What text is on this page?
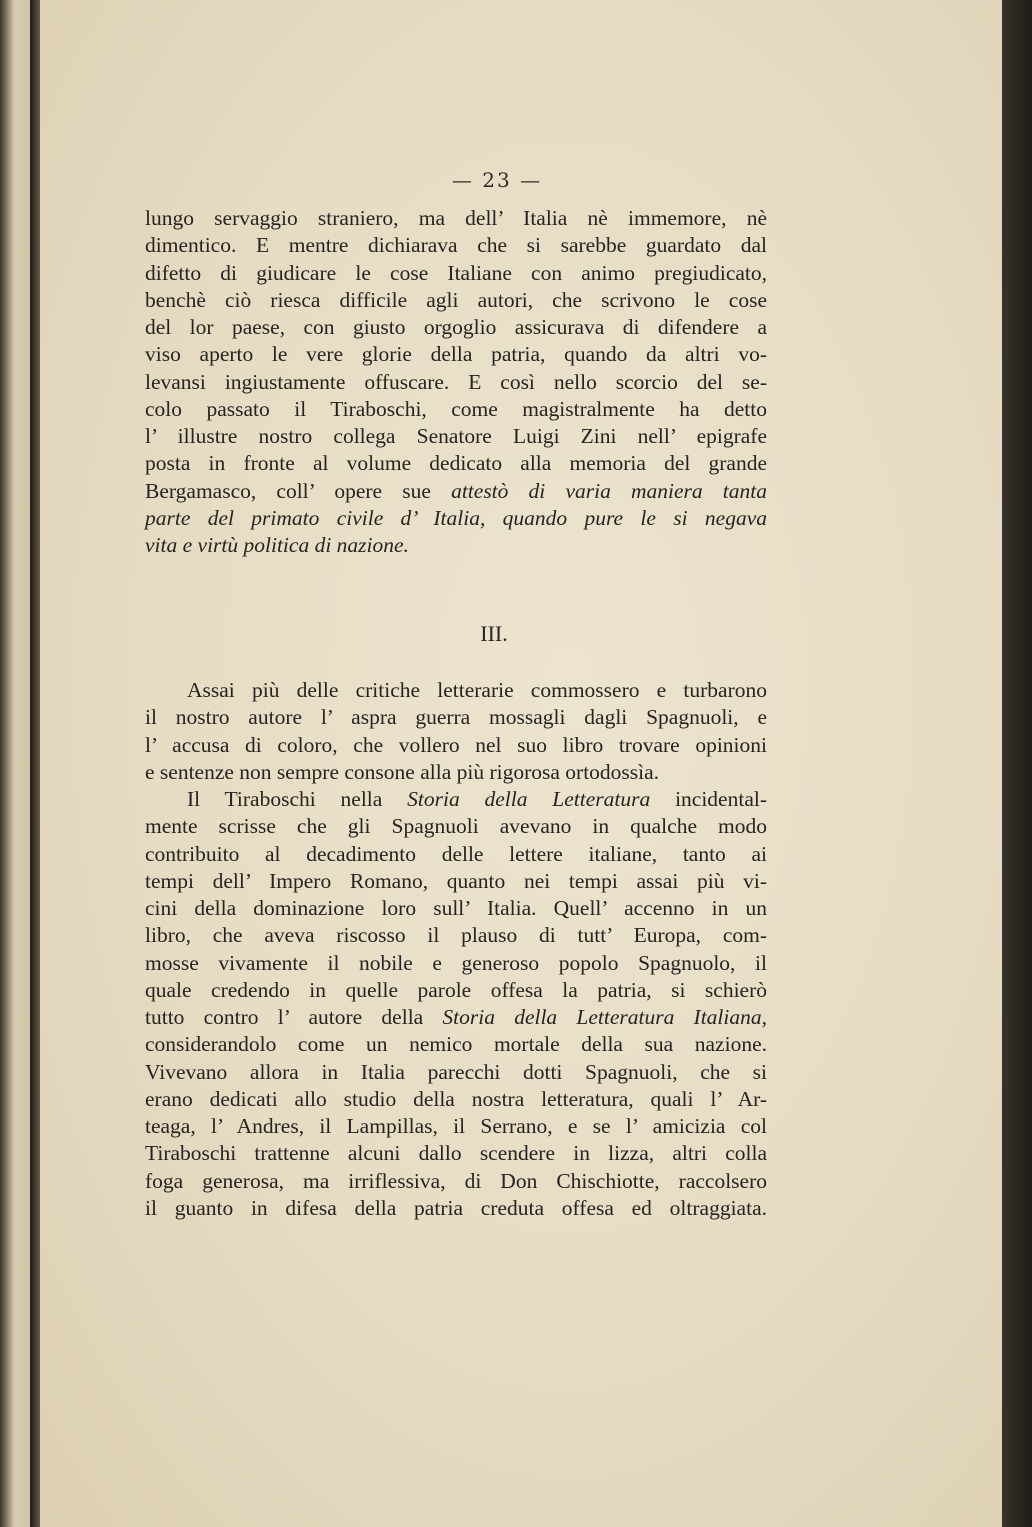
— 23 —
lungo servaggio straniero, ma dell’ Italia nè immemore, nè
dimentico. E mentre dichiarava che si sarebbe guardato dal
difetto di giudicare le cose Italiane con animo pregiudicato,
benchè ciò riesca difficile agli autori, che scrivono le cose
del lor paese, con giusto orgoglio assicurava di difendere a
viso aperto le vere glorie della patria, quando da altri vo-
levansi ingiustamente offuscare. E così nello scorcio del se-
colo passato il Tiraboschi, come magistralmente ha detto
l’ illustre nostro collega Senatore Luigi Zini nell’ epigrafe
posta in fronte al volume dedicato alla memoria del grande
Bergamasco, coll’ opere sue attestò di varia maniera tanta
parte del primato civile d’ Italia, quando pure le si negava
vita e virtù politica di nazione.
III.
Assai più delle critiche letterarie commossero e turbarono
il nostro autore l’ aspra guerra mossagli dagli Spagnuoli, e
l’ accusa di coloro, che vollero nel suo libro trovare opinioni
e sentenze non sempre consone alla più rigorosa ortodossìa.
Il Tiraboschi nella Storia della Letteratura incidental-
mente scrisse che gli Spagnuoli avevano in qualche modo
contribuito al decadimento delle lettere italiane, tanto ai
tempi dell’ Impero Romano, quanto nei tempi assai più vi-
cini della dominazione loro sull’ Italia. Quell’ accenno in un
libro, che aveva riscosso il plauso di tutt’ Europa, com-
mosse vivamente il nobile e generoso popolo Spagnuolo, il
quale credendo in quelle parole offesa la patria, si schierò
tutto contro l’ autore della Storia della Letteratura Italiana,
considerandolo come un nemico mortale della sua nazione.
Vivevano allora in Italia parecchi dotti Spagnuoli, che si
erano dedicati allo studio della nostra letteratura, quali l’ Ar-
teaga, l’ Andres, il Lampillas, il Serrano, e se l’ amicizia col
Tiraboschi trattenne alcuni dallo scendere in lizza, altri colla
foga generosa, ma irriflessiva, di Don Chischiotte, raccolsero
il guanto in difesa della patria creduta offesa ed oltraggiata.
